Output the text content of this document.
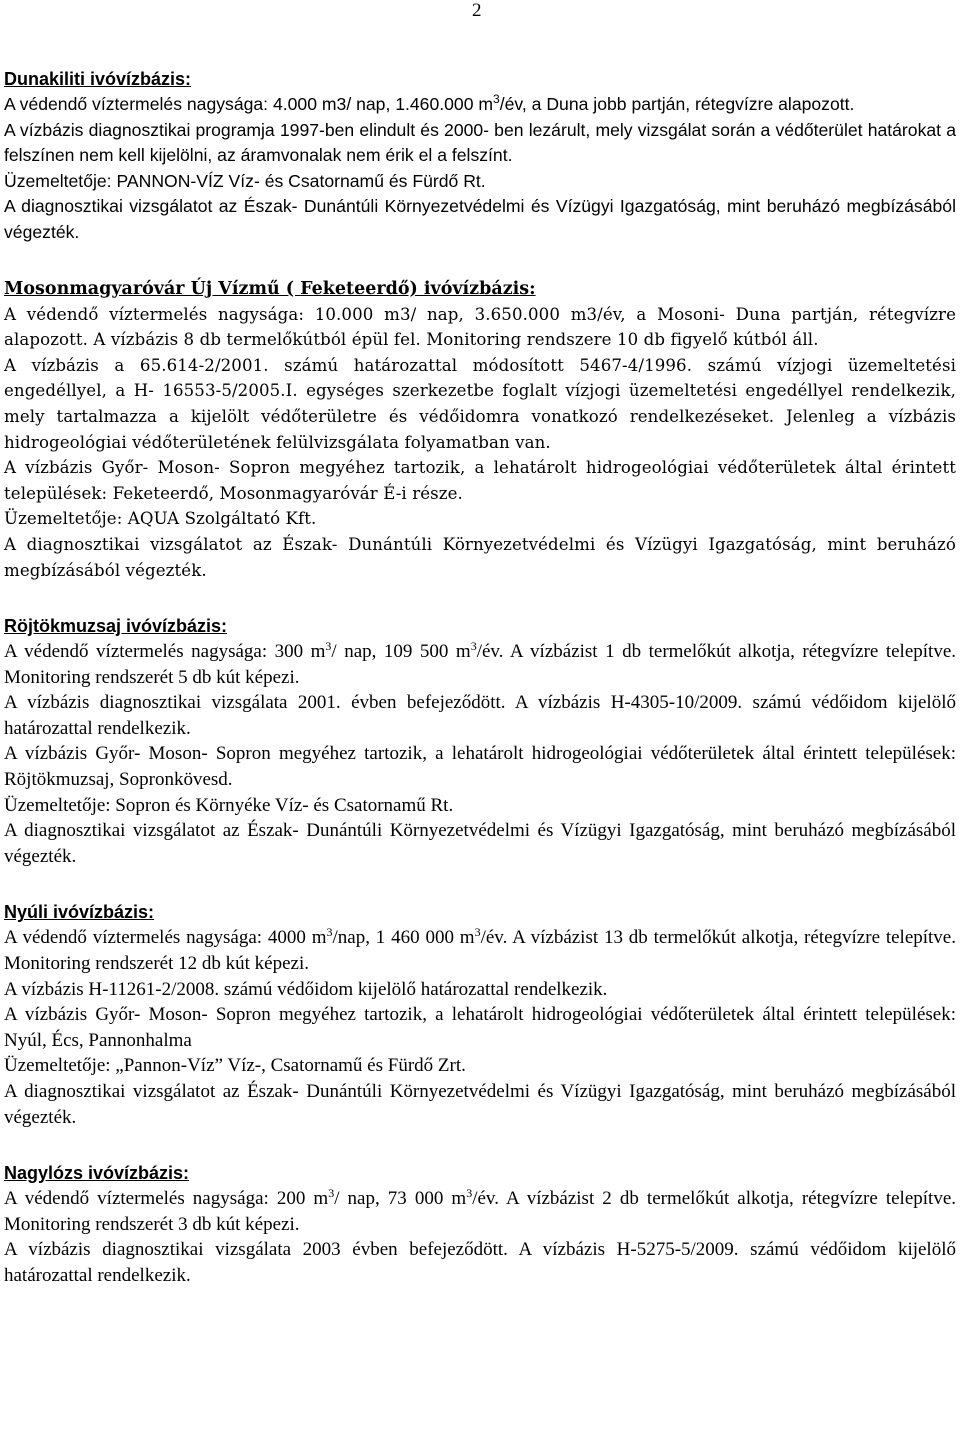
2

Dunakiliti ivóvízbázis:

A védendő víztermelés nagysága: 4.000 m3/ nap, 1.460.000 $m^3/év$, a Duna jobb partján, rétegvízre alapozott.

A vízbázis diagnosztikai programja 1997-ben elindult és 2000- ben lezárult, mely vizsgálat során a védőterület határokat a felszínen nem kell kijelölni, az áramvonalak nem érik el a felszínt.

Üzemeltetője: PANNON-VÍZ Víz- és Csatornamű és Fürdő Rt.

A diagnosztikai vizsgálatot az Észak- Dunántúli Környezetvédelmi és Vízügyi Igazgatóság, mint beruházó megbízásából végezték.

Mosonmagyaróvár Új Vízmű ( Feketeerdő) ivóvízbázis:

A védendő víztermelés nagysága: 10.000 m3/ nap, 3.650.000 m3/év, a Mosoni- Duna partján, rétegvízre alapozott. A vízbázis 8 db termelőkútból épül fel. Monitoring rendszere 10 db figyelő kútból áll.

A vízbázis a 65.614-2/2001. számú határozattal módosított 5467-4/1996. számú vízjogi üzemeltetési engedéllyel, a H- 16553-5/2005.I. egységes szerkezetbe foglalt vízjogi üzemeltetési engedéllyel rendelkezik, mely tartalmazza a kijelölt védőterületre és védőidomra vonatkozó rendelkezéseket. Jelenleg a vízbázis hidrogeológiai védőterületének felülvizsgálata folyamatban van.

A vízbázis Győr- Moson- Sopron megyéhez tartozik, a lehatárolt hidrogeológiai védőterületek által érintett települések: Feketeerdő, Mosonmagyaróvár É-i része.

Üzemeltetője: AQUA Szolgáltató Kft.

A diagnosztikai vizsgálatot az Észak- Dunántúli Környezetvédelmi és Vízügyi Igazgatóság, mint beruházó megbízásából végezték.

Röjtökmuzsaj ivóvízbázis:

A védendő víztermelés nagysága: 300 $m^3/$ nap, 109 500 $m^3/év$. A vízbázist 1 db termelőkút alkotja, rétegvízre telepítve. Monitoring rendszerét 5 db kút képezi.

A vízbázis diagnosztikai vizsgálata 2001. évben befejeződött. A vízbázis H-4305-10/2009. számú védőidom kijelölő határozattal rendelkezik.

A vízbázis Győr- Moson- Sopron megyéhez tartozik, a lehatárolt hidrogeológiai védőterületek által érintett települések: Röjtökmuzsaj, Sopronkövesd.

Üzemeltetője: Sopron és Környéke Víz- és Csatornamű Rt.

A diagnosztikai vizsgálatot az Észak- Dunántúli Környezetvédelmi és Vízügyi Igazgatóság, mint beruházó megbízásából végezték.

Nyúli ivóvízbázis:

A védendő víztermelés nagysága: 4000 $m^3$/nap, 1 460 000 $m^3/év$. A vízbázist 13 db termelőkút alkotja, rétegvízre telepítve. Monitoring rendszerét 12 db kút képezi.

A vízbázis H-11261-2/2008. számú védőidom kijelölő határozattal rendelkezik.

A vízbázis Győr- Moson- Sopron megyéhez tartozik, a lehatárolt hidrogeológiai védőterületek által érintett települések: Nyúl, Écs, Pannonhalma

Üzemeltetője: „Pannon-Víz” Víz-, Csatornamű és Fürdő Zrt.

A diagnosztikai vizsgálatot az Észak- Dunántúli Környezetvédelmi és Vízügyi Igazgatóság, mint beruházó megbízásából végezték.

Nagylózs ivóvízbázis:

A védendő víztermelés nagysága: 200 $m^3/$ nap, 73 000 $m^3/év$. A vízbázist 2 db termelőkút alkotja, rétegvízre telepítve. Monitoring rendszerét 3 db kút képezi.

A vízbázis diagnosztikai vizsgálata 2003 évben befejeződött. A vízbázis H-5275-5/2009. számú védőidom kijelölő határozattal rendelkezik.
